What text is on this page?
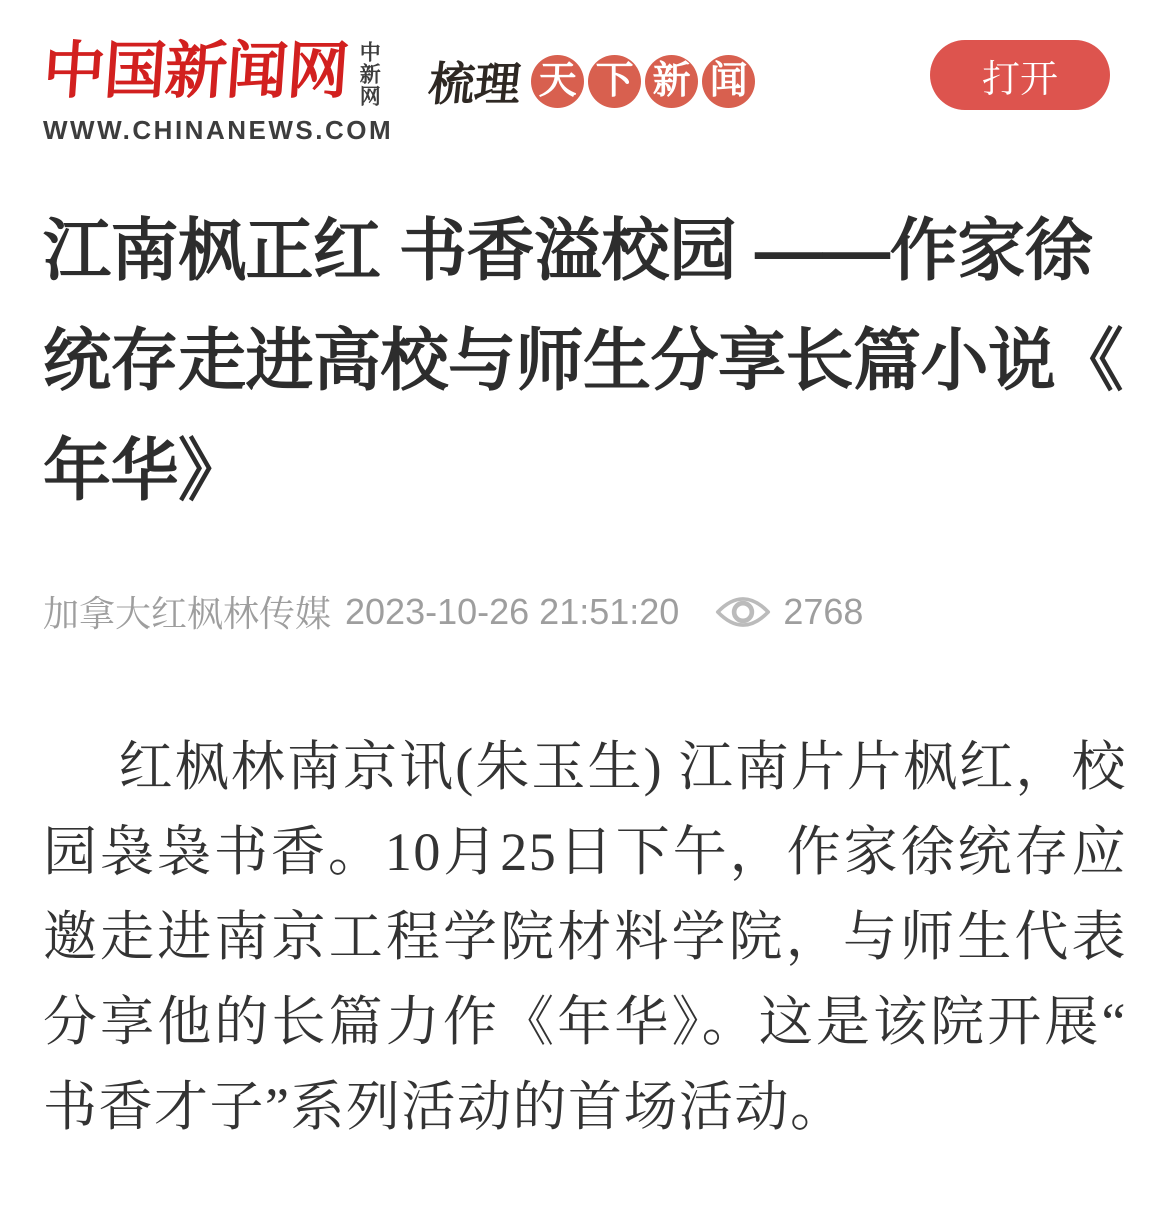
中国新闻网 中新网
WWW.CHINANEWS.COM
梳理 天 下 新 闻	打开
江南枫正红 书香溢校园 ——作家徐统存走进高校与师生分享长篇小说《年华》
加拿大红枫林传媒 2023-10-26 21:51:20	2768

红枫林南京讯(朱玉生) 江南片片枫红，校园袅袅书香。10月25日下午，作家徐统存应邀走进南京工程学院材料学院，与师生代表分享他的长篇力作《年华》。这是该院开展“书香才子”系列活动的首场活动。
